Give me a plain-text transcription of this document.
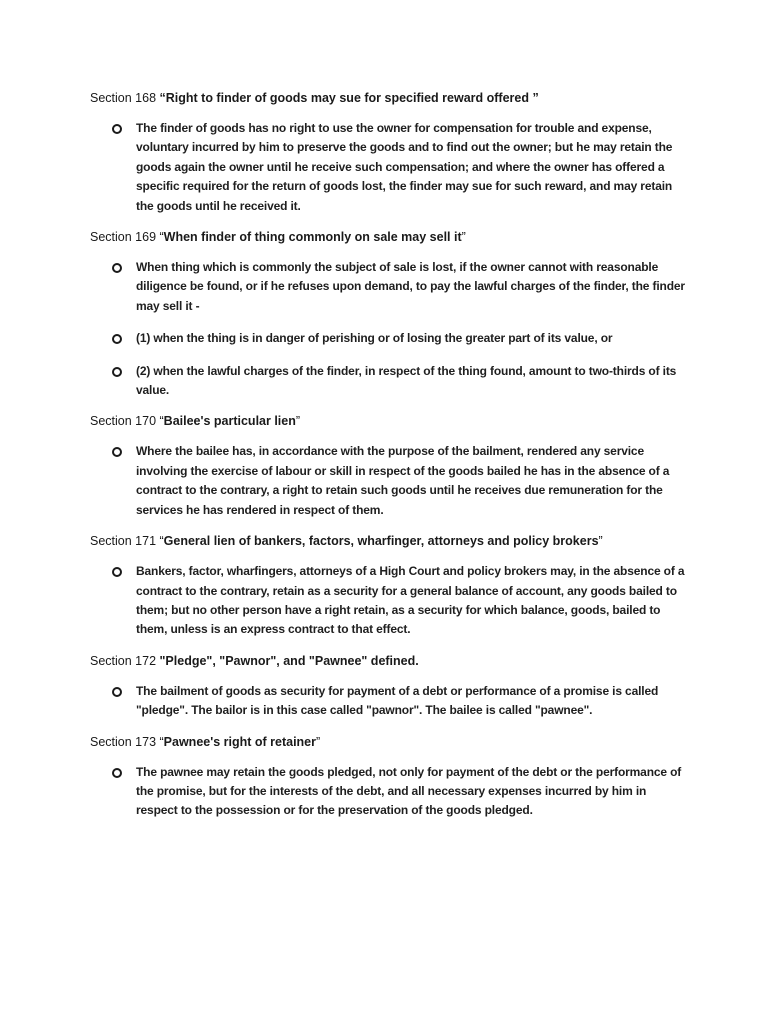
Section 168 “Right to finder of goods may sue for specified reward offered ”

The finder of goods has no right to use the owner for compensation for trouble and expense, voluntary incurred by him to preserve the goods and to find out the owner; but he may retain the goods again the owner until he receive such compensation; and where the owner has offered a specific required for the return of goods lost, the finder may sue for such reward, and may retain the goods until he received it.

Section 169 “When finder of thing commonly on sale may sell it”

When thing which is commonly the subject of sale is lost, if the owner cannot with reasonable diligence be found, or if he refuses upon demand, to pay the lawful charges of the finder, the finder may sell it -
(1) when the thing is in danger of perishing or of losing the greater part of its value, or
(2) when the lawful charges of the finder, in respect of the thing found, amount to two-thirds of its value.

Section 170 “Bailee's particular lien”

Where the bailee has, in accordance with the purpose of the bailment, rendered any service involving the exercise of labour or skill in respect of the goods bailed he has in the absence of a contract to the contrary, a right to retain such goods until he receives due remuneration for the services he has rendered in respect of them.

Section 171 “General lien of bankers, factors, wharfinger, attorneys and policy brokers”

Bankers, factor, wharfingers, attorneys of a High Court and policy brokers may, in the absence of a contract to the contrary, retain as a security for a general balance of account, any goods bailed to them; but no other person have a right retain, as a security for which balance, goods, bailed to them, unless is an express contract to that effect.

Section 172 "Pledge", "Pawnor", and "Pawnee" defined.

The bailment of goods as security for payment of a debt or performance of a promise is called "pledge". The bailor is in this case called "pawnor". The bailee is called "pawnee".

Section 173 “Pawnee's right of retainer”

The pawnee may retain the goods pledged, not only for payment of the debt or the performance of the promise, but for the interests of the debt, and all necessary expenses incurred by him in respect to the possession or for the preservation of the goods pledged.
